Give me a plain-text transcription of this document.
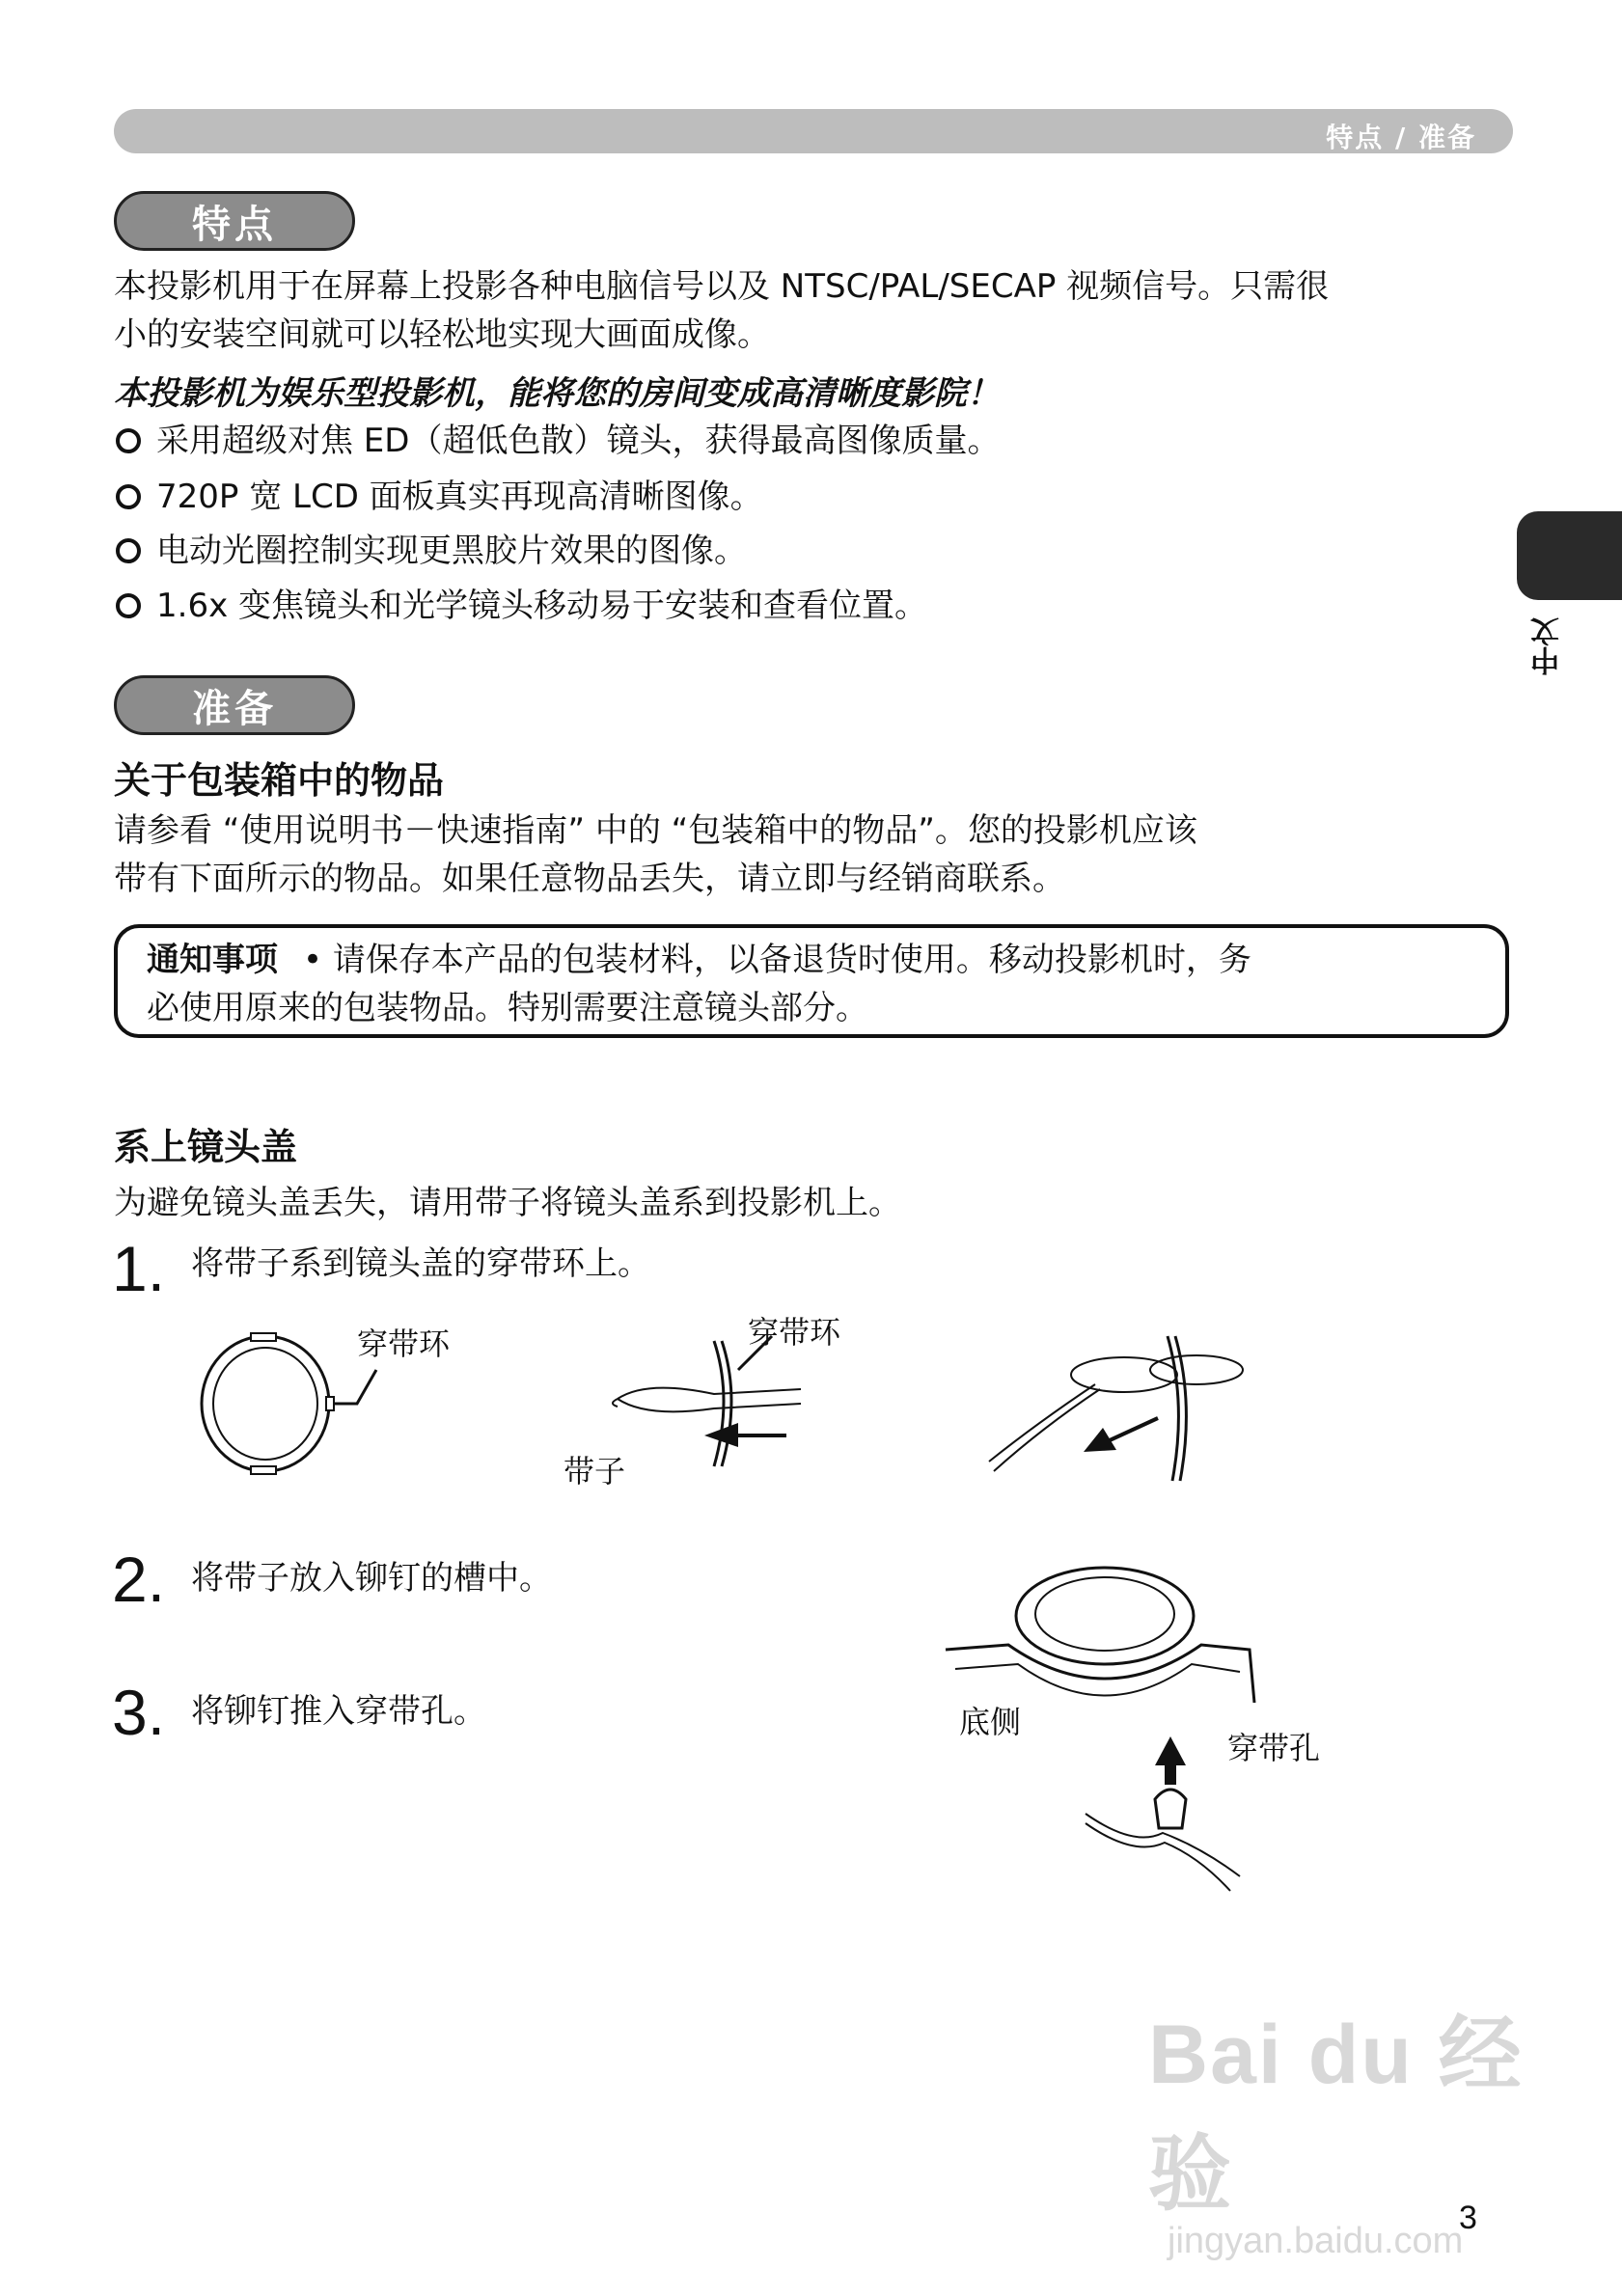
特点 / 准备
中文
特点
本投影机用于在屏幕上投影各种电脑信号以及 NTSC/PAL/SECAP 视频信号。只需很
小的安装空间就可以轻松地实现大画面成像。
本投影机为娱乐型投影机，能将您的房间变成高清晰度影院！
采用超级对焦 ED（超低色散）镜头，获得最高图像质量。
720P 宽 LCD 面板真实再现高清晰图像。
电动光圈控制实现更黑胶片效果的图像。
1.6x 变焦镜头和光学镜头移动易于安装和查看位置。
准备
关于包装箱中的物品
请参看 “使用说明书－快速指南” 中的 “包装箱中的物品”。您的投影机应该
带有下面所示的物品。如果任意物品丢失，请立即与经销商联系。
通知事项 • 请保存本产品的包装材料，以备退货时使用。移动投影机时，务
必使用原来的包装物品。特别需要注意镜头部分。
系上镜头盖
为避免镜头盖丢失，请用带子将镜头盖系到投影机上。
1. 将带子系到镜头盖的穿带环上。
穿带环	穿带环
带子
2. 将带子放入铆钉的槽中。
3. 将铆钉推入穿带孔。	底侧
穿带孔
Bai du 经验
jingyan.baidu.com
3
